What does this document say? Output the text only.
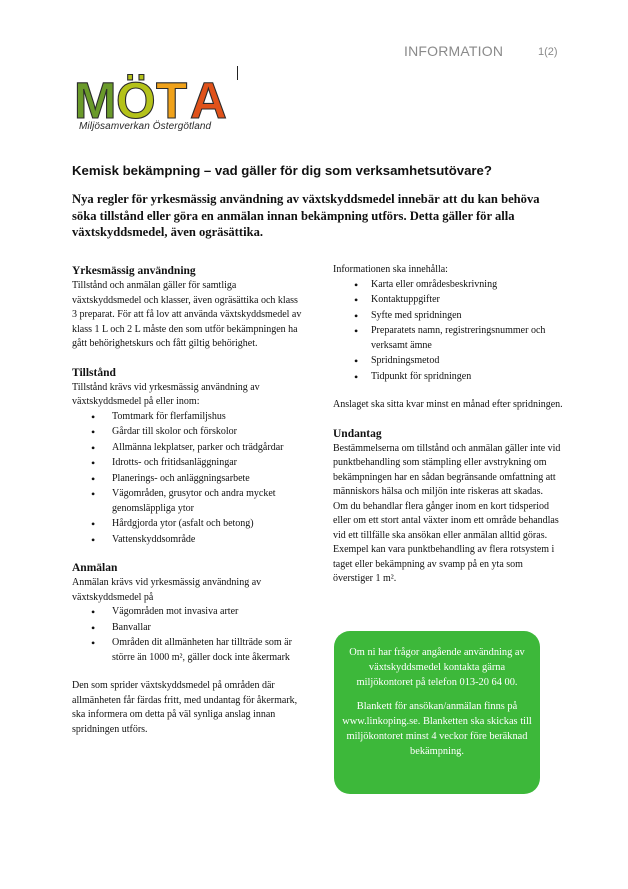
INFORMATION	1(2)
M Ö T A
Miljösamverkan Östergötland
Kemisk bekämpning – vad gäller för dig som verksamhetsutövare?
Nya regler för yrkesmässig användning av växtskyddsmedel innebär att du kan behöva söka tillstånd eller göra en anmälan innan bekämpning utförs. Detta gäller för alla växtskyddsmedel, även ogräsättika.
Yrkesmässig användning
Tillstånd och anmälan gäller för samtliga växtskyddsmedel och klasser, även ogräsättika och klass 3 preparat. För att få lov att använda växtskyddsmedel av klass 1 L och 2 L måste den som utför bekämpningen ha gått behörighetskurs och fått giltig behörighet.
Tillstånd
Tillstånd krävs vid yrkesmässig användning av växtskyddsmedel på eller inom:
• Tomtmark för flerfamiljshus
• Gårdar till skolor och förskolor
• Allmänna lekplatser, parker och trädgårdar
• Idrotts- och fritidsanläggningar
• Planerings- och anläggningsarbete
• Vägområden, grusytor och andra mycket genomsläppliga ytor
• Hårdgjorda ytor (asfalt och betong)
• Vattenskyddsområde
Anmälan
Anmälan krävs vid yrkesmässig användning av växtskyddsmedel på
• Vägområden mot invasiva arter
• Banvallar
• Områden dit allmänheten har tillträde som är större än 1000 m², gäller dock inte åkermark
Den som sprider växtskyddsmedel på områden där allmänheten får färdas fritt, med undantag för åkermark, ska informera om detta på väl synliga anslag innan spridningen utförs.
Informationen ska innehålla:
• Karta eller områdesbeskrivning
• Kontaktuppgifter
• Syfte med spridningen
• Preparatets namn, registreringsnummer och verksamt ämne
• Spridningsmetod
• Tidpunkt för spridningen
Anslaget ska sitta kvar minst en månad efter spridningen.
Undantag
Bestämmelserna om tillstånd och anmälan gäller inte vid punktbehandling som stämpling eller avstrykning om bekämpningen har en sådan begränsande omfattning att människors hälsa och miljön inte riskeras att skadas.
Om du behandlar flera gånger inom en kort tidsperiod eller om ett stort antal växter inom ett område behandlas vid ett tillfälle ska ansökan eller anmälan alltid göras. Exempel kan vara punktbehandling av flera rotsystem i taget eller bekämpning av svamp på en yta som överstiger 1 m².

Om ni har frågor angående användning av växtskyddsmedel kontakta gärna miljökontoret på telefon 013-20 64 00.

Blankett för ansökan/anmälan finns på www.linkoping.se. Blanketten ska skickas till miljökontoret minst 4 veckor före beräknad bekämpning.
